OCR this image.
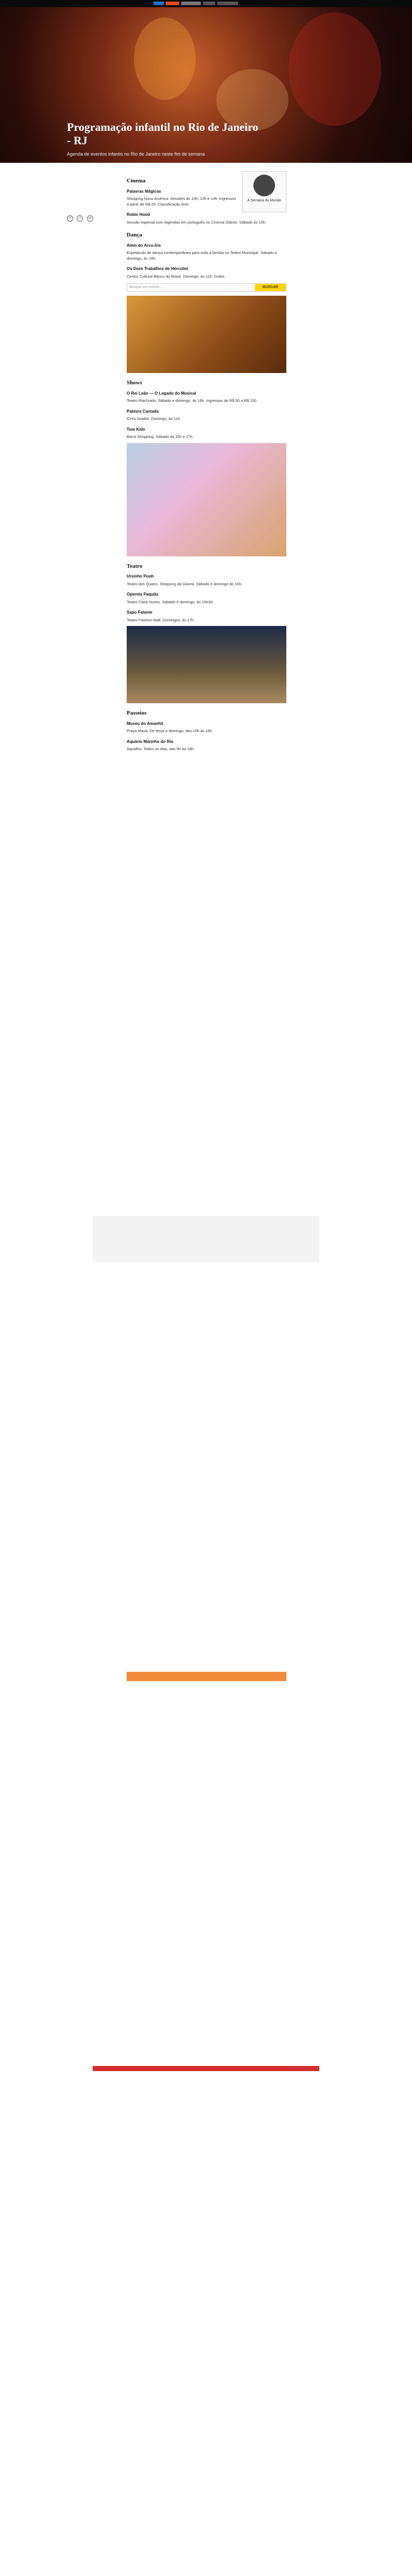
Programação infantil no Rio de Janeiro - RJ

Agenda de eventos infantis no Rio de Janeiro neste fim de semana

f	t w
A Semana do Mundo
Cinema
Palavras Mágicas

Shopping Nova América. Sessões às 10h, 12h e 14h. Ingressos a partir de R$ 20. Classificação livre.

Robin Hood

Sessão especial com legendas em português no Cinema Odeon. Sábado às 15h.

Dança
Além do Arco-Íris

Espetáculo de dança contemporânea para toda a família no Teatro Municipal. Sábado e domingo, às 16h.

Os Doze Trabalhos de Hércules

Centro Cultural Banco do Brasil. Domingo, às 11h. Grátis.

Busque um evento...	BUSCAR
Shows
O Rei Leão — O Legado do Musical

Teatro Riachuelo. Sábado e domingo, às 16h. Ingressos de R$ 50 a R$ 150.

Palavra Cantada

Circo Voador. Domingo, às 11h.

Tom Kids

Barra Shopping. Sábado às 15h e 17h.

Teatro
Ursinho Pooh

Teatro dos Quatro, Shopping da Gávea. Sábado e domingo às 16h.

Opereta Paquita

Teatro Clara Nunes. Sábado e domingo, às 15h30.

Sapo Falante

Teatro Fashion Mall. Domingos, às 17h.

Passeios
Museu do Amanhã

Praça Mauá. De terça a domingo, das 10h às 18h.

Aquário Marinho do Rio

AquaRio. Todos os dias, das 9h às 18h.
